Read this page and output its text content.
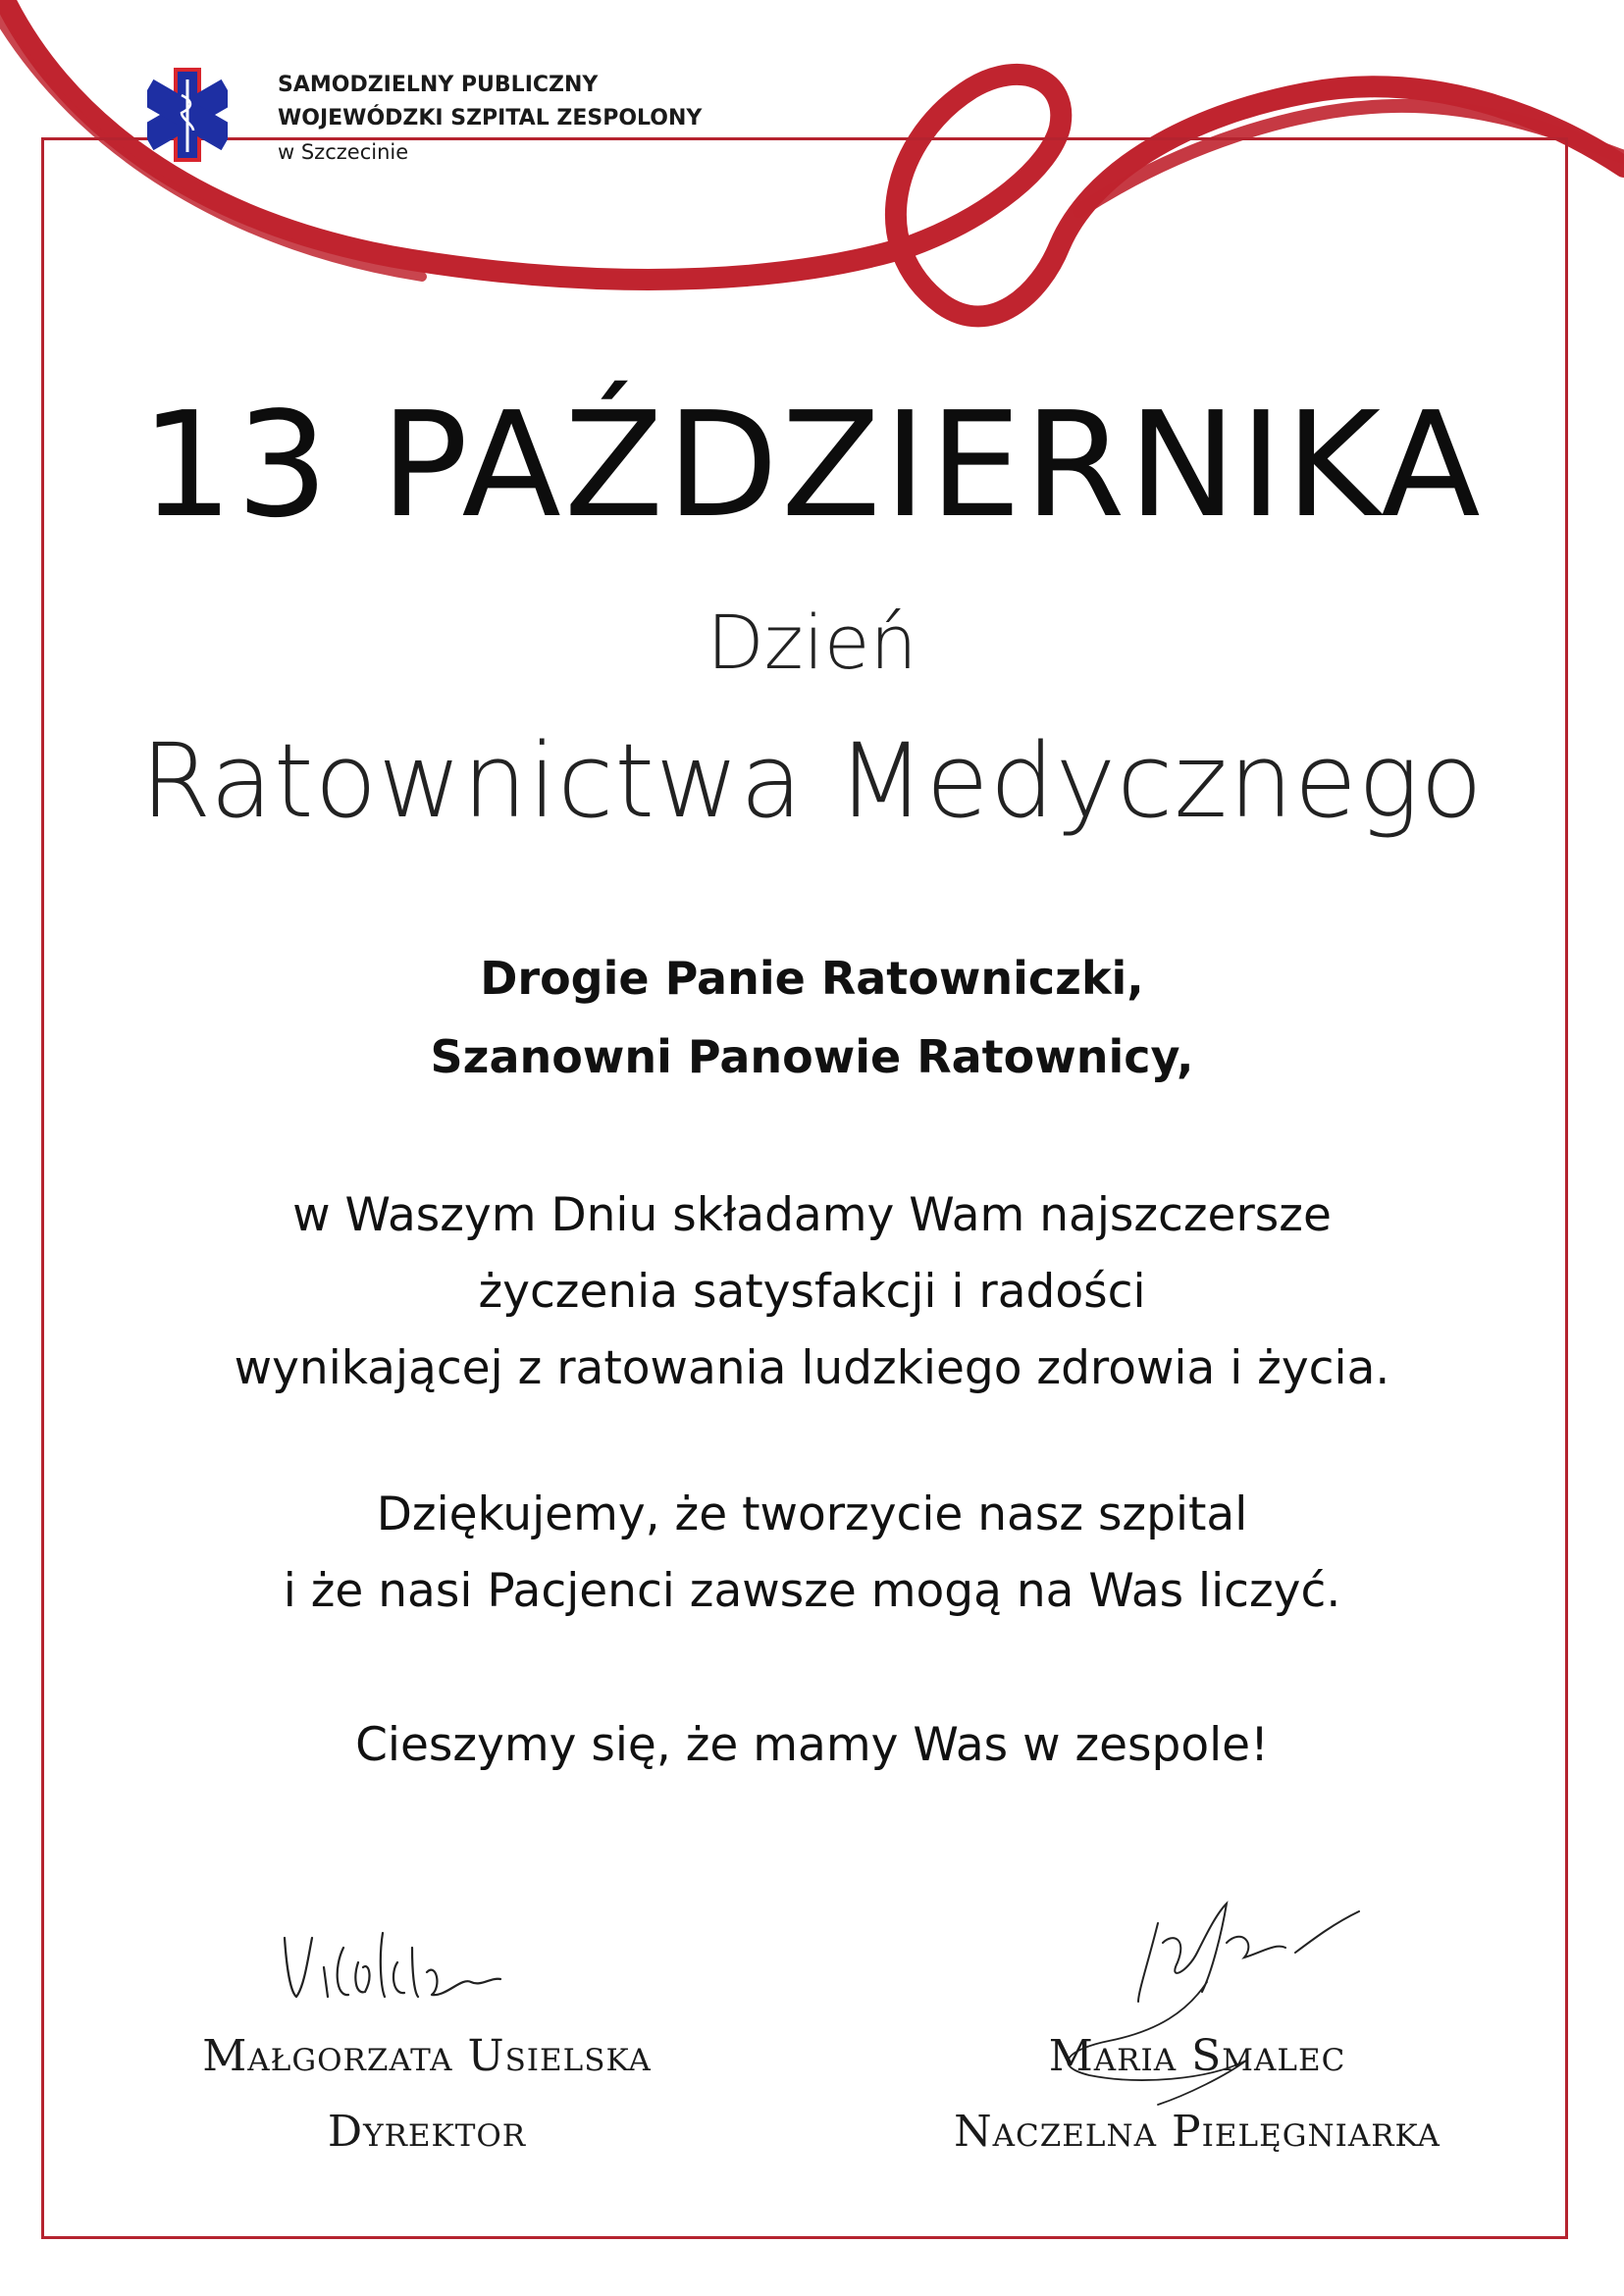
SAMODZIELNY PUBLICZNY
WOJEWÓDZKI SZPITAL ZESPOLONY
w Szczecinie
13 PAŹDZIERNIKA
Dzień
Ratownictwa Medycznego
Drogie Panie Ratowniczki,
Szanowni Panowie Ratownicy,
w Waszym Dniu składamy Wam najszczersze
życzenia satysfakcji i radości
wynikającej z ratowania ludzkiego zdrowia i życia.
Dziękujemy, że tworzycie nasz szpital
i że nasi Pacjenci zawsze mogą na Was liczyć.
Cieszymy się, że mamy Was w zespole!
Małgorzata Usielska
Dyrektor
Maria Smalec
Naczelna Pielęgniarka
